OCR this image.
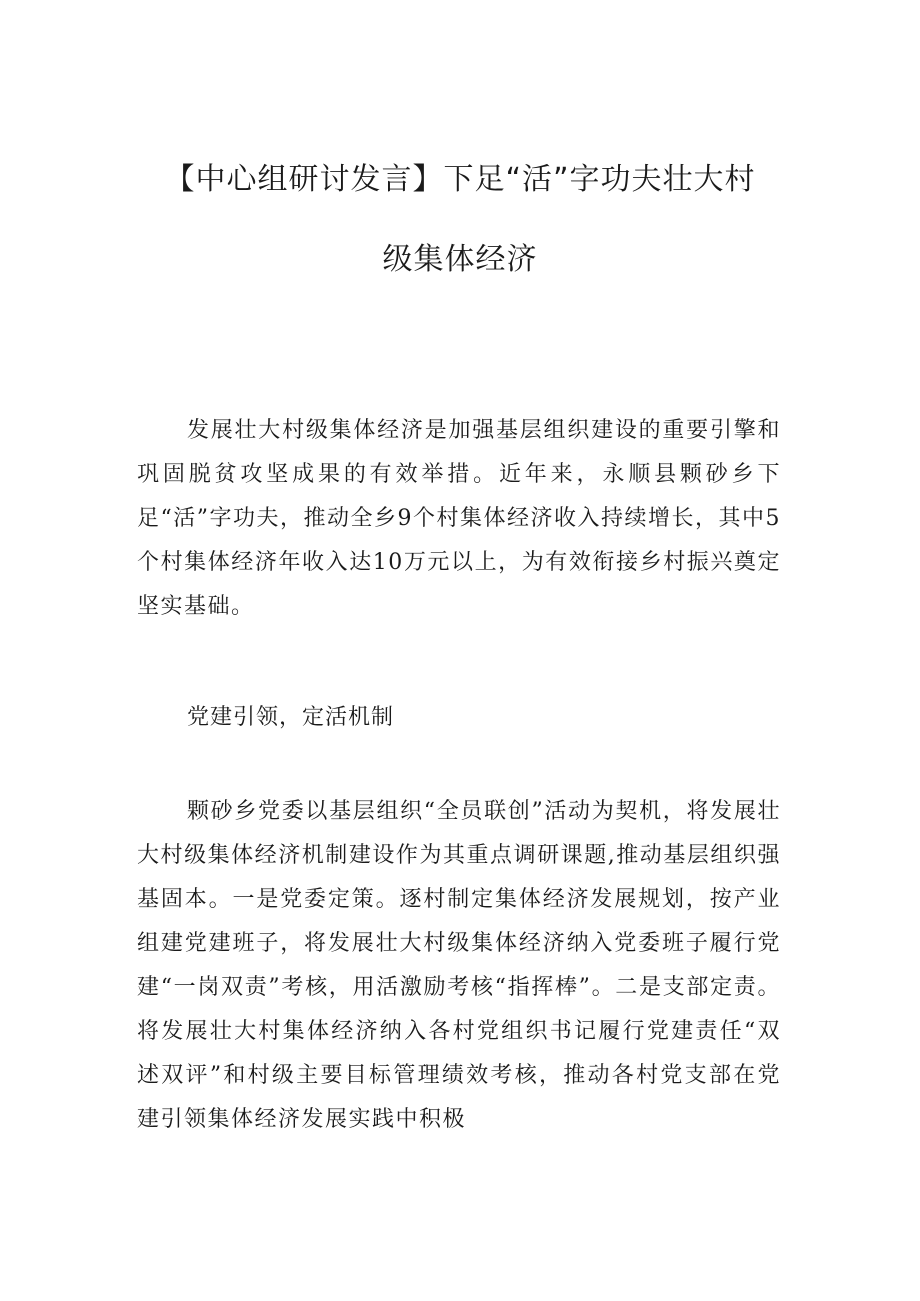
【中心组研讨发言】下足“活”字功夫壮大村
级集体经济

发展壮大村级集体经济是加强基层组织建设的重要引擎和巩固脱贫攻坚成果的有效举措。近年来，永顺县颗砂乡下足“活”字功夫，推动全乡9个村集体经济收入持续增长，其中5个村集体经济年收入达10万元以上，为有效衔接乡村振兴奠定坚实基础。

党建引领，定活机制

颗砂乡党委以基层组织“全员联创”活动为契机，将发展壮大村级集体经济机制建设作为其重点调研课题,推动基层组织强基固本。一是党委定策。逐村制定集体经济发展规划，按产业组建党建班子，将发展壮大村级集体经济纳入党委班子履行党建“一岗双责”考核，用活激励考核“指挥棒”。二是支部定责。将发展壮大村集体经济纳入各村党组织书记履行党建责任“双述双评”和村级主要目标管理绩效考核，推动各村党支部在党建引领集体经济发展实践中积极
